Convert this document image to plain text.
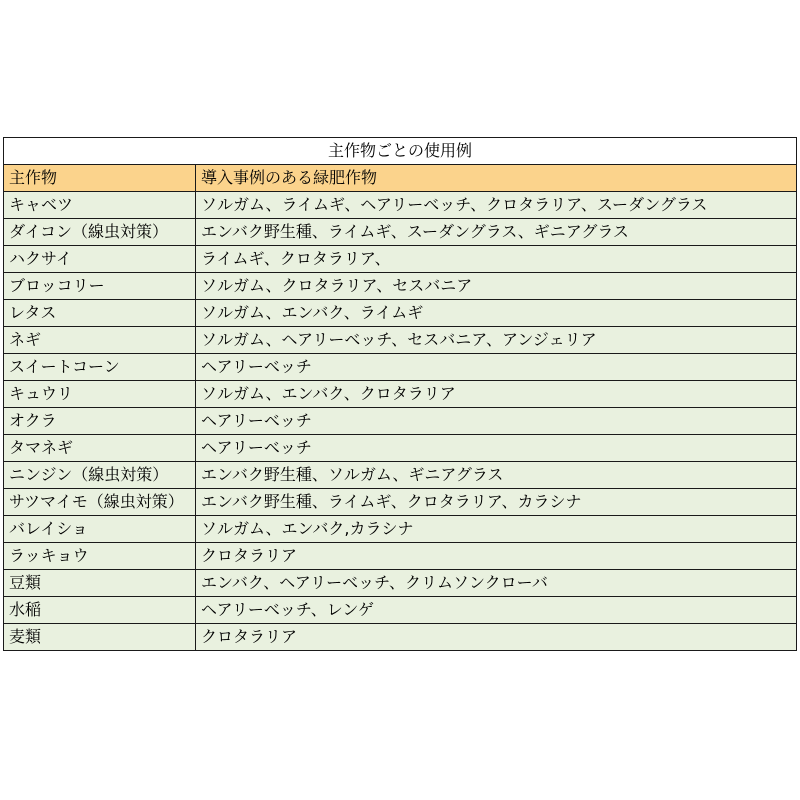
主作物ごとの使用例	
主作物	導入事例のある緑肥作物
キャベツ	ソルガム、ライムギ、ヘアリーベッチ、クロタラリア、スーダングラス
ダイコン（線虫対策）	エンバク野生種、ライムギ、スーダングラス、ギニアグラス
ハクサイ	ライムギ、クロタラリア、
ブロッコリー	ソルガム、クロタラリア、セスバニア
レタス	ソルガム、エンバク、ライムギ
ネギ	ソルガム、ヘアリーベッチ、セスバニア、アンジェリア
スイートコーン	ヘアリーベッチ
キュウリ	ソルガム、エンバク、クロタラリア
オクラ	ヘアリーベッチ
タマネギ	ヘアリーベッチ
ニンジン（線虫対策）	エンバク野生種、ソルガム、ギニアグラス
サツマイモ（線虫対策）	エンバク野生種、ライムギ、クロタラリア、カラシナ
バレイショ	ソルガム、エンバク,カラシナ
ラッキョウ	クロタラリア
豆類	エンバク、ヘアリーベッチ、クリムソンクローバ
水稲	ヘアリーベッチ、レンゲ
麦類	クロタラリア
